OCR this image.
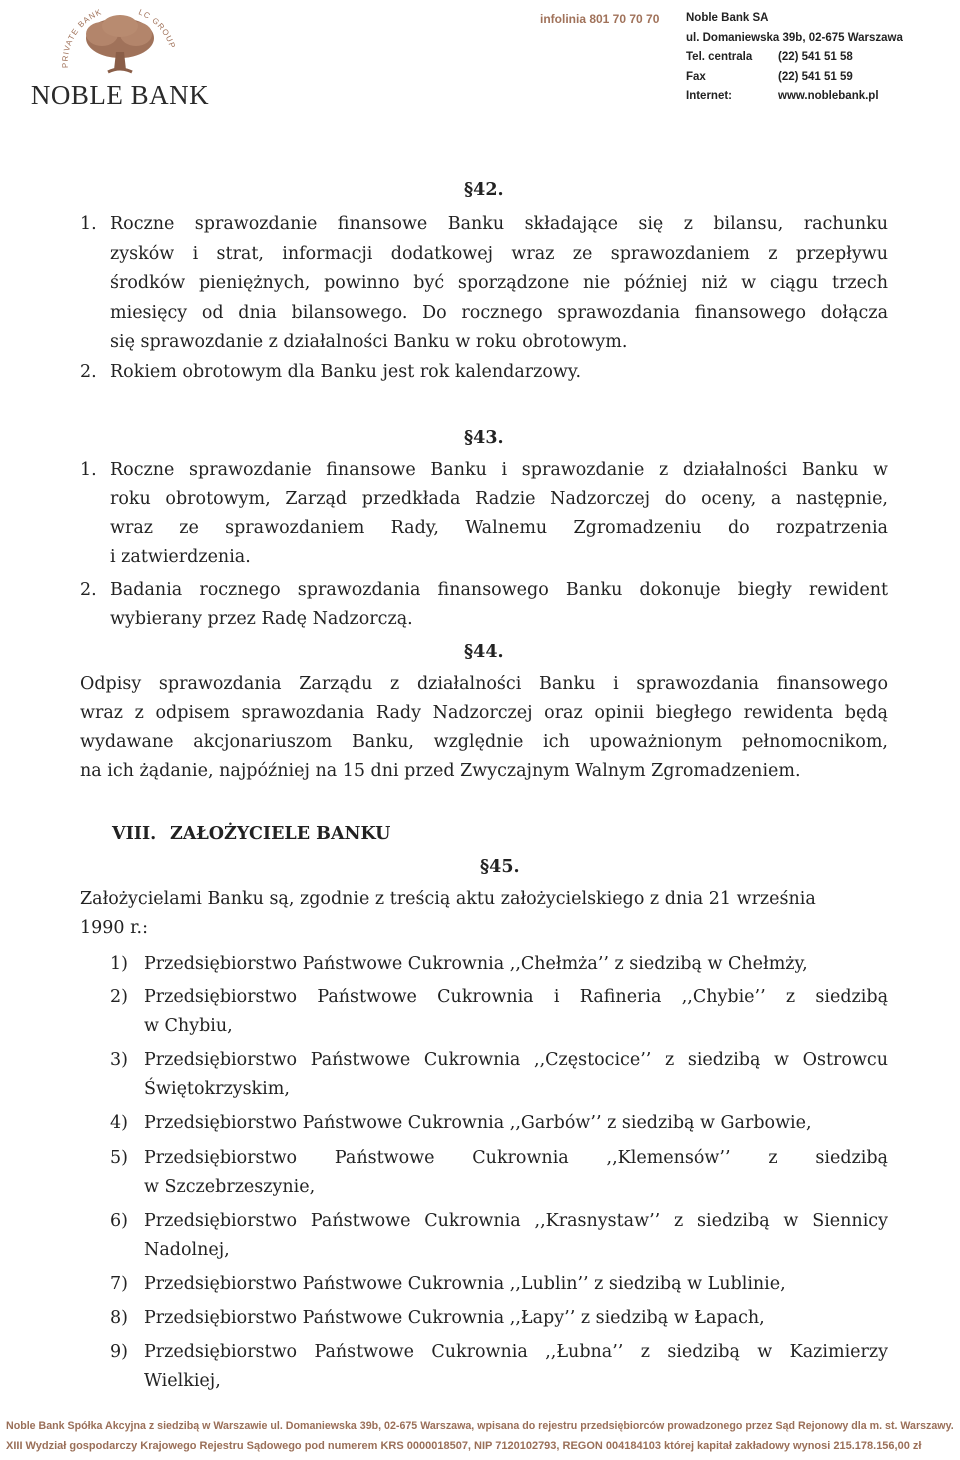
PRIVATE BANK	LC GROUP
NOBLE BANK
infolinia 801 70 70 70 Noble Bank SA
ul. Domaniewska 39b, 02-675 Warszawa
Tel. centrala (22) 541 51 58
Fax	(22) 541 51 59
Internet:	www.noblebank.pl
§42.
1. Roczne sprawozdanie finansowe Banku składające się z bilansu, rachunku
zysków i strat, informacji dodatkowej wraz ze sprawozdaniem z przepływu
środków pieniężnych, powinno być sporządzone nie później niż w ciągu trzech
miesięcy od dnia bilansowego. Do rocznego sprawozdania finansowego dołącza
się sprawozdanie z działalności Banku w roku obrotowym.
2. Rokiem obrotowym dla Banku jest rok kalendarzowy.
§43.
1. Roczne sprawozdanie finansowe Banku i sprawozdanie z działalności Banku w
roku obrotowym, Zarząd przedkłada Radzie Nadzorczej do oceny, a następnie,
wraz ze sprawozdaniem Rady, Walnemu Zgromadzeniu do rozpatrzenia
i zatwierdzenia.
2. Badania rocznego sprawozdania finansowego Banku dokonuje biegły rewident
wybierany przez Radę Nadzorczą.
§44.
Odpisy sprawozdania Zarządu z działalności Banku i sprawozdania finansowego
wraz z odpisem sprawozdania Rady Nadzorczej oraz opinii biegłego rewidenta będą
wydawane akcjonariuszom Banku, względnie ich upoważnionym pełnomocnikom,
na ich żądanie, najpóźniej na 15 dni przed Zwyczajnym Walnym Zgromadzeniem.
VIII. ZAŁOŻYCIELE BANKU
§45.
Założycielami Banku są, zgodnie z treścią aktu założycielskiego z dnia 21 września
1990 r.:
1) Przedsiębiorstwo Państwowe Cukrownia ,,Chełmża’’ z siedzibą w Chełmży,
2) Przedsiębiorstwo Państwowe Cukrownia i Rafineria ,,Chybie’’ z siedzibą
w Chybiu,
3) Przedsiębiorstwo Państwowe Cukrownia ,,Częstocice’’ z siedzibą w Ostrowcu
Świętokrzyskim,
4) Przedsiębiorstwo Państwowe Cukrownia ,,Garbów’’ z siedzibą w Garbowie,
5) Przedsiębiorstwo Państwowe Cukrownia ,,Klemensów’’ z siedzibą
w Szczebrzeszynie,
6) Przedsiębiorstwo Państwowe Cukrownia ,,Krasnystaw’’ z siedzibą w Siennicy
Nadolnej,
7) Przedsiębiorstwo Państwowe Cukrownia ,,Lublin’’ z siedzibą w Lublinie,
8) Przedsiębiorstwo Państwowe Cukrownia ,,Łapy’’ z siedzibą w Łapach,
9) Przedsiębiorstwo Państwowe Cukrownia ,,Łubna’’ z siedzibą w Kazimierzy
Wielkiej,
Noble Bank Spółka Akcyjna z siedzibą w Warszawie ul. Domaniewska 39b, 02-675 Warszawa, wpisana do rejestru przedsiębiorców prowadzonego przez Sąd Rejonowy dla m. st. Warszawy.
XIII Wydział gospodarczy Krajowego Rejestru Sądowego pod numerem KRS 0000018507, NIP 7120102793, REGON 004184103 której kapitał zakładowy wynosi 215.178.156,00 zł
